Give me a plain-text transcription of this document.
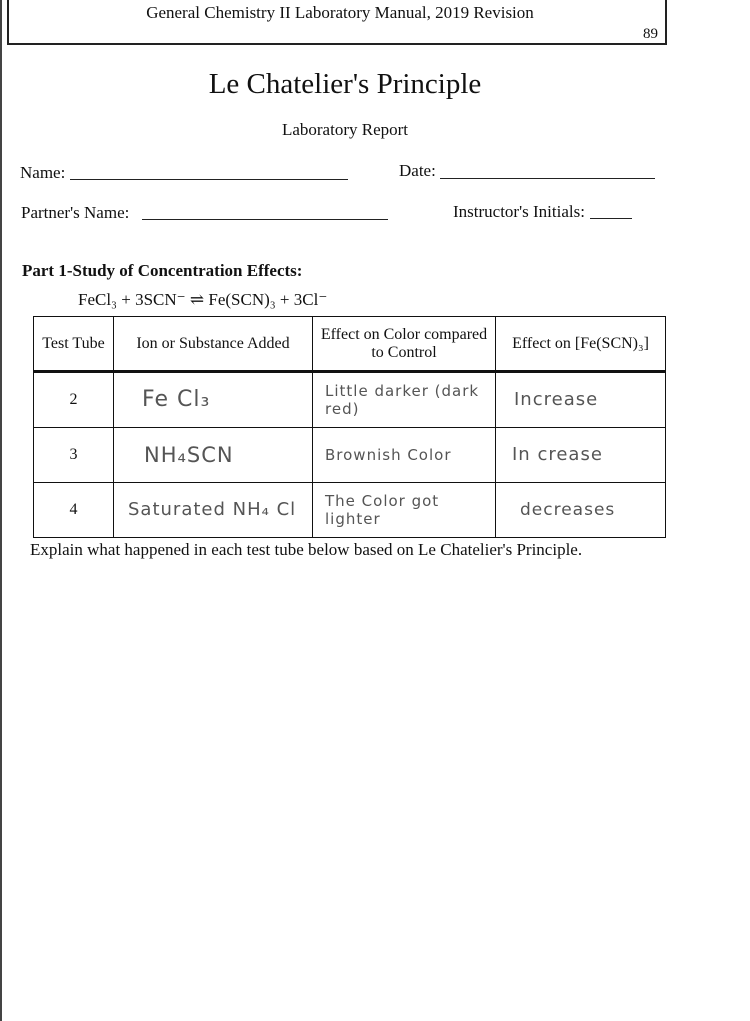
General Chemistry II Laboratory Manual, 2019 Revision
89
Le Chatelier's Principle
Laboratory Report
Name:	Date:
Partner's Name:	Instructor's Initials:
Part 1-Study of Concentration Effects:
FeCl₃ + 3SCN⁻ ⇌ Fe(SCN)₃ + 3Cl⁻
Test Tube	Ion or Substance Added	Effect on Color compared to Control	Effect on [Fe(SCN)₃]
2	Fe Cl₃	Little darker (dark red)	Increase
3	NH₄SCN	Brownish Color	In crease
4	Saturated NH₄ Cl	The Color got lighter	decreases
Explain what happened in each test tube below based on Le Chatelier's Principle.
